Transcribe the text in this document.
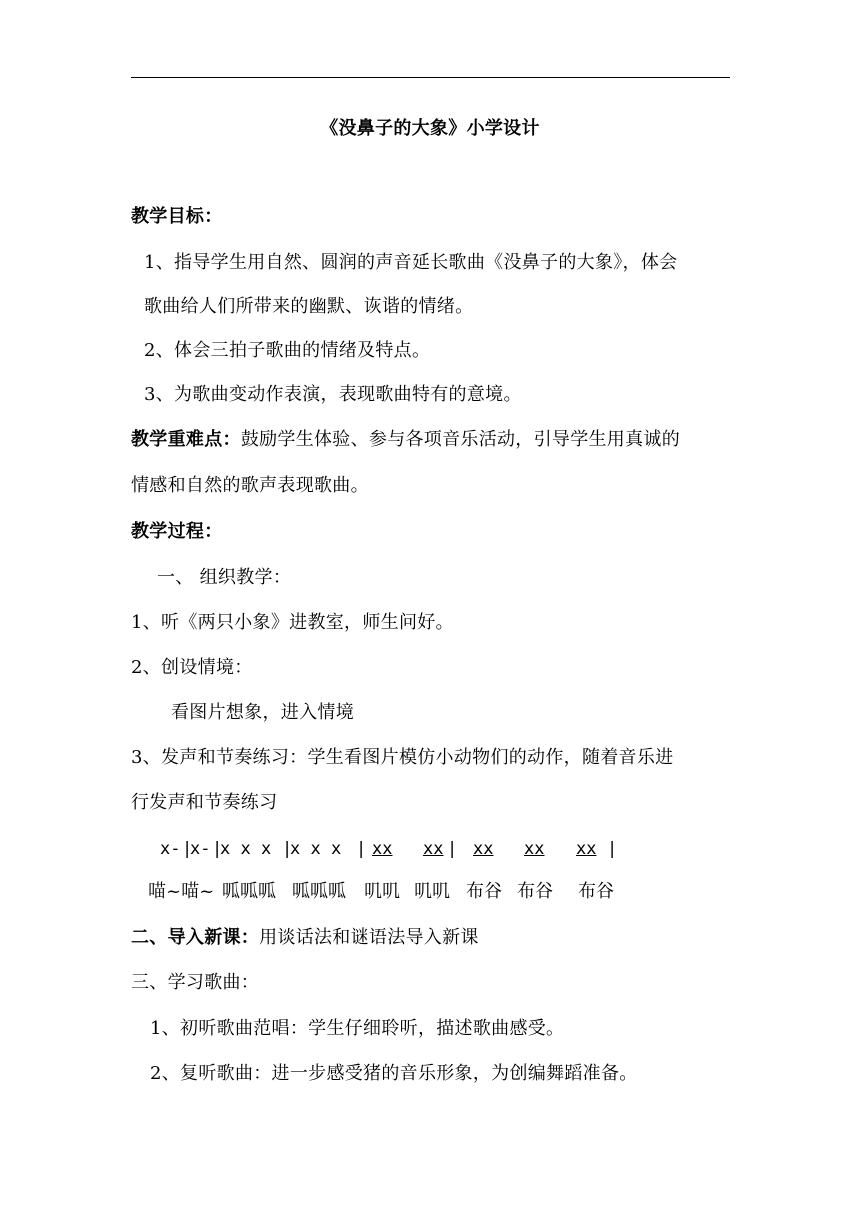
《没鼻子的大象》小学设计
教学目标：
1、指导学生用自然、圆润的声音延长歌曲《没鼻子的大象》，体会
歌曲给人们所带来的幽默、诙谐的情绪。
2、体会三拍子歌曲的情绪及特点。
3、为歌曲变动作表演，表现歌曲特有的意境。
教学重难点：鼓励学生体验、参与各项音乐活动，引导学生用真诚的
情感和自然的歌声表现歌曲。
教学过程：
一、 组织教学：
1、听《两只小象》进教室，师生问好。
2、创设情境：
看图片想象，进入情境
3、发声和节奏练习：学生看图片模仿小动物们的动作，随着音乐进
行发声和节奏练习
x- |
x- |
x x x |
x x x | xx xx | xx xx xx |
喵~喵~ 呱呱呱 呱呱呱 叽叽 叽叽 布谷 布谷 布谷
二、导入新课：用谈话法和谜语法导入新课
三、学习歌曲：
1、初听歌曲范唱：学生仔细聆听，描述歌曲感受。
2、复听歌曲：进一步感受猪的音乐形象，为创编舞蹈准备。
